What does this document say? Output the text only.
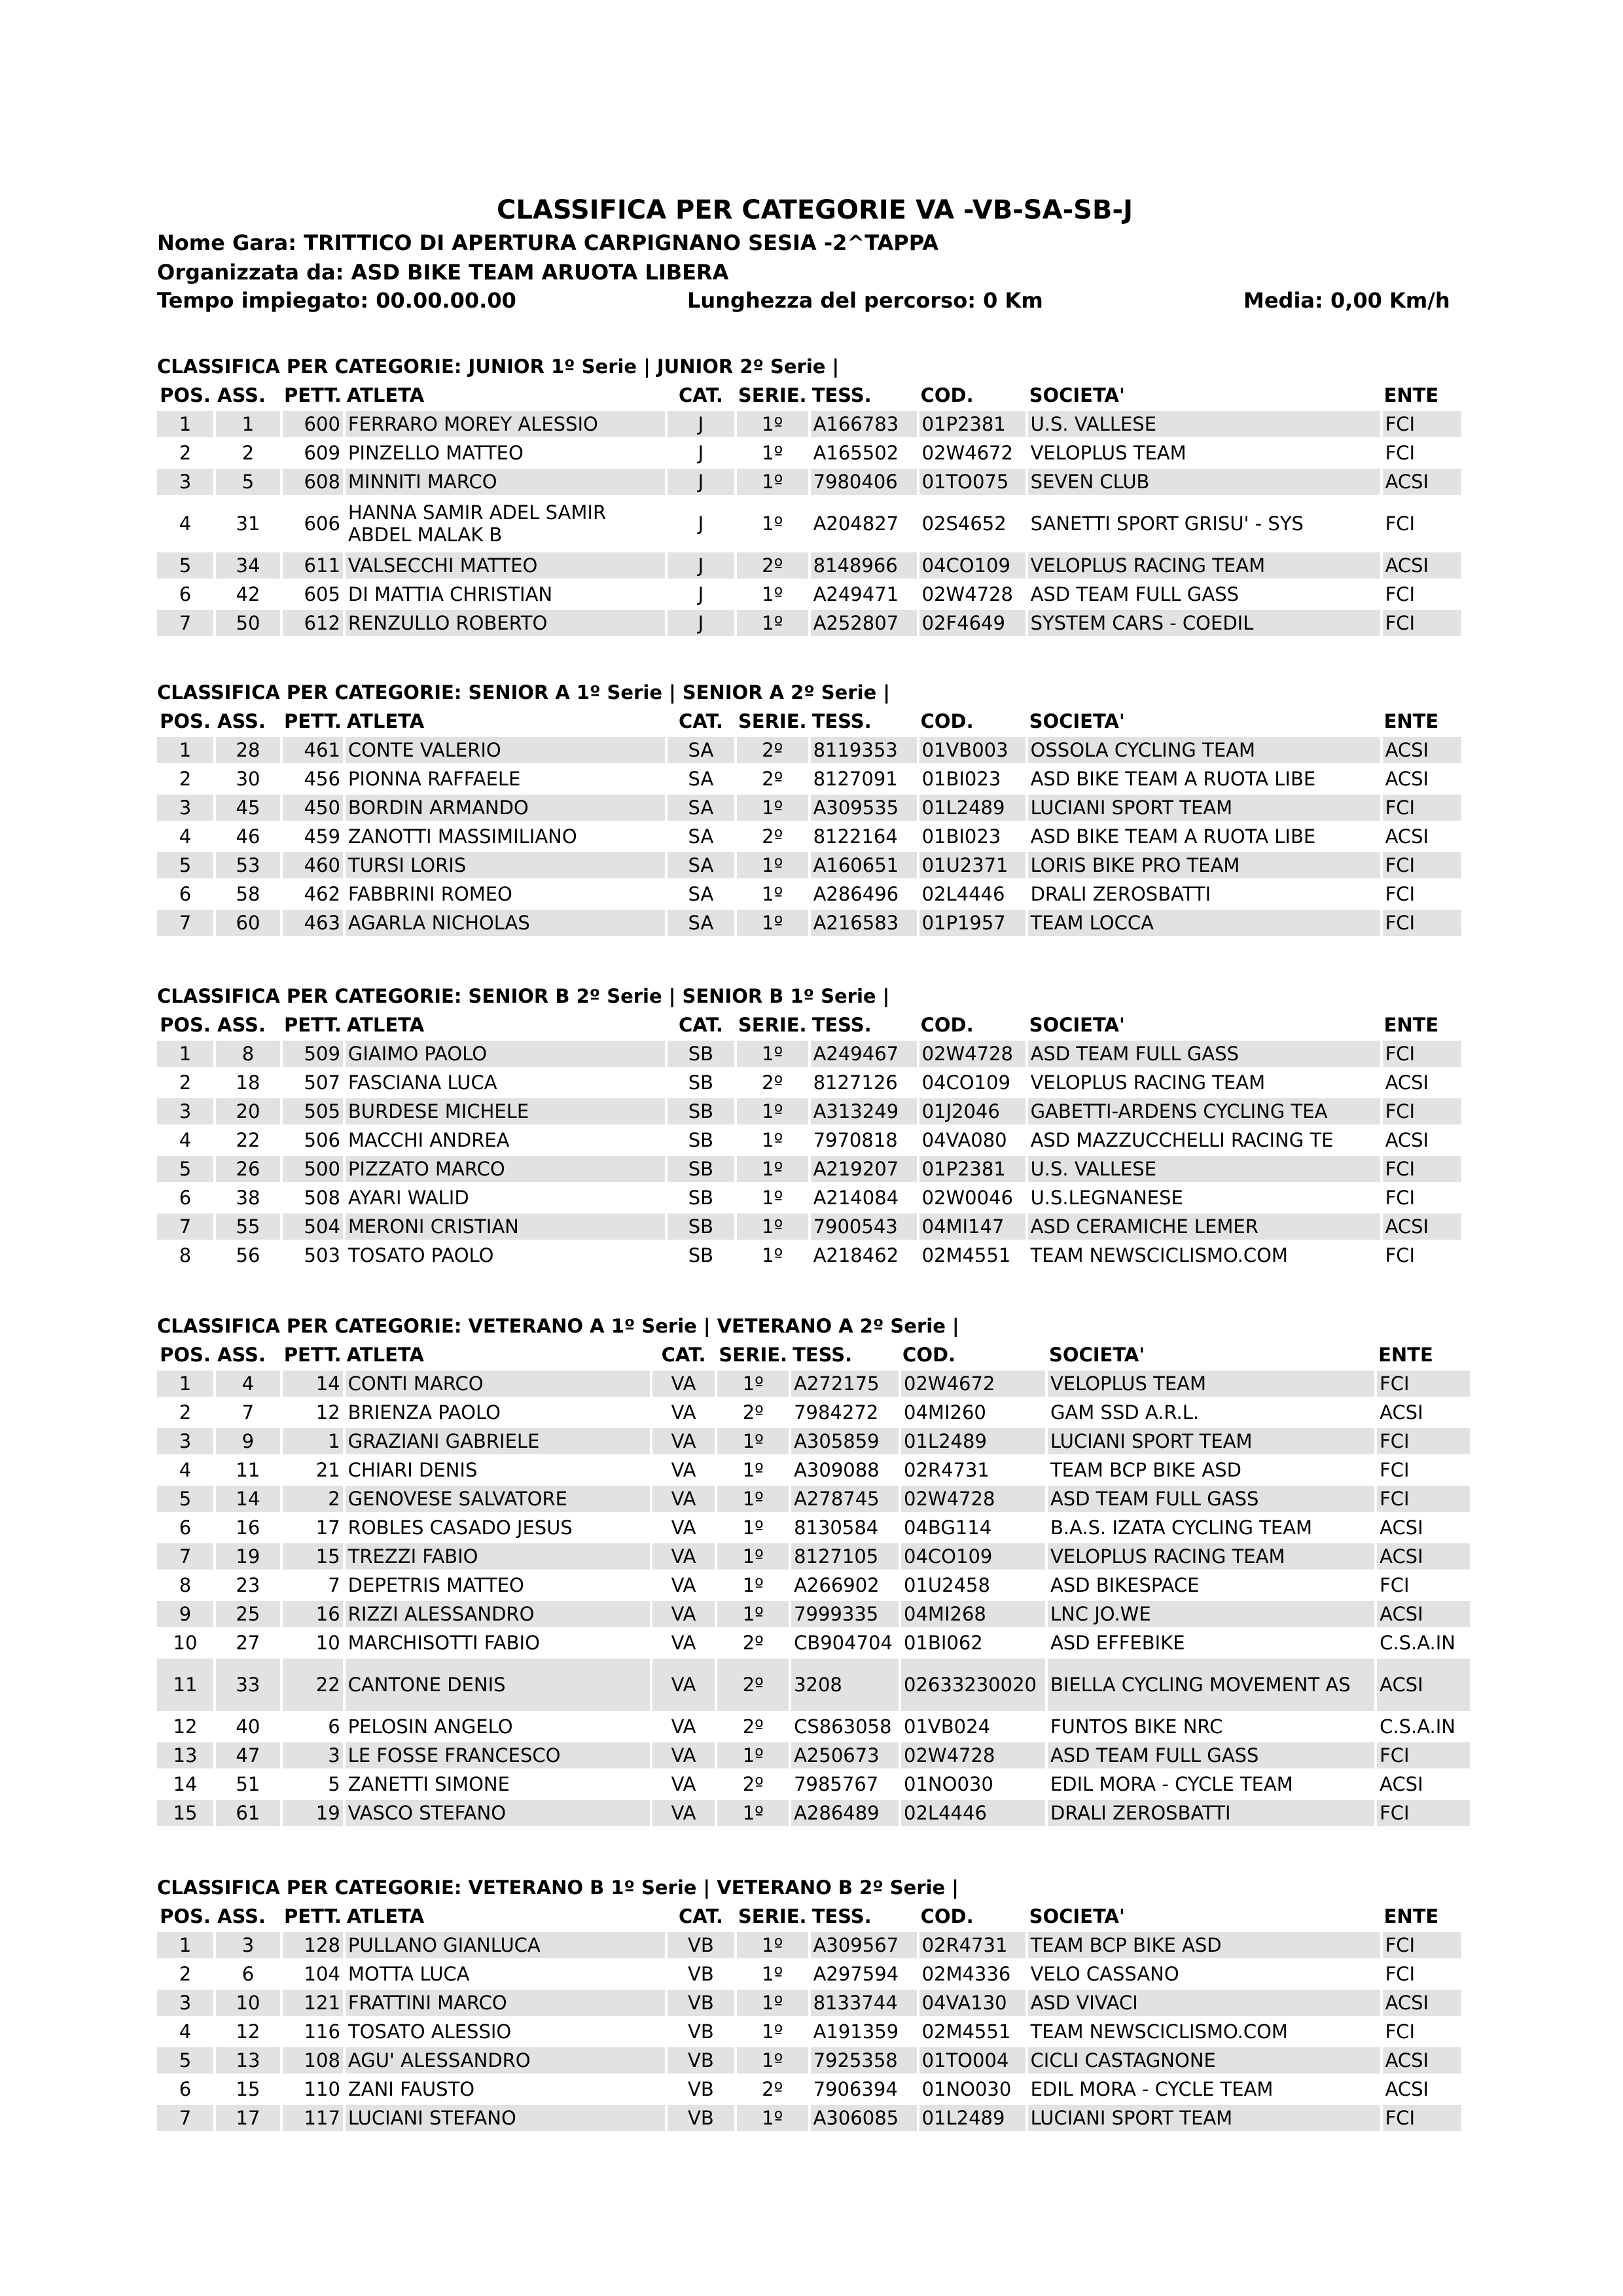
CLASSIFICA PER CATEGORIE VA -VB-SA-SB-J
Nome Gara: TRITTICO DI APERTURA CARPIGNANO SESIA -2^TAPPA
Organizzata da: ASD BIKE TEAM ARUOTA LIBERA
Tempo impiegato: 00.00.00.00	Lunghezza del percorso: 0 Km	Media: 0,00 Km/h
CLASSIFICA PER CATEGORIE: JUNIOR 1º Serie | JUNIOR 2º Serie |
POS.	ASS.	PETT.	ATLETA	CAT.	SERIE.	TESS.	COD.	SOCIETA'	ENTE
1	1	600	FERRARO MOREY ALESSIO	J	1º	A166783	01P2381	U.S. VALLESE	FCI
2	2	609	PINZELLO MATTEO	J	1º	A165502	02W4672	VELOPLUS TEAM	FCI
3	5	608	MINNITI MARCO	J	1º	7980406	01TO075	SEVEN CLUB	ACSI
4	31	606	HANNA SAMIR ADEL SAMIR ABDEL MALAK B	J	1º	A204827	02S4652	SANETTI SPORT GRISU' - SYS	FCI
5	34	611	VALSECCHI MATTEO	J	2º	8148966	04CO109	VELOPLUS RACING TEAM	ACSI
6	42	605	DI MATTIA CHRISTIAN	J	1º	A249471	02W4728	ASD TEAM FULL GASS	FCI
7	50	612	RENZULLO ROBERTO	J	1º	A252807	02F4649	SYSTEM CARS - COEDIL	FCI
CLASSIFICA PER CATEGORIE: SENIOR A 1º Serie | SENIOR A 2º Serie |
POS.	ASS.	PETT.	ATLETA	CAT.	SERIE.	TESS.	COD.	SOCIETA'	ENTE
1	28	461	CONTE VALERIO	SA	2º	8119353	01VB003	OSSOLA CYCLING TEAM	ACSI
2	30	456	PIONNA RAFFAELE	SA	2º	8127091	01BI023	ASD BIKE TEAM A RUOTA LIBE	ACSI
3	45	450	BORDIN ARMANDO	SA	1º	A309535	01L2489	LUCIANI SPORT TEAM	FCI
4	46	459	ZANOTTI MASSIMILIANO	SA	2º	8122164	01BI023	ASD BIKE TEAM A RUOTA LIBE	ACSI
5	53	460	TURSI LORIS	SA	1º	A160651	01U2371	LORIS BIKE PRO TEAM	FCI
6	58	462	FABBRINI ROMEO	SA	1º	A286496	02L4446	DRALI ZEROSBATTI	FCI
7	60	463	AGARLA NICHOLAS	SA	1º	A216583	01P1957	TEAM LOCCA	FCI
CLASSIFICA PER CATEGORIE: SENIOR B 2º Serie | SENIOR B 1º Serie |
POS.	ASS.	PETT.	ATLETA	CAT.	SERIE.	TESS.	COD.	SOCIETA'	ENTE
1	8	509	GIAIMO PAOLO	SB	1º	A249467	02W4728	ASD TEAM FULL GASS	FCI
2	18	507	FASCIANA LUCA	SB	2º	8127126	04CO109	VELOPLUS RACING TEAM	ACSI
3	20	505	BURDESE MICHELE	SB	1º	A313249	01J2046	GABETTI-ARDENS CYCLING TEA	FCI
4	22	506	MACCHI ANDREA	SB	1º	7970818	04VA080	ASD MAZZUCCHELLI RACING TE	ACSI
5	26	500	PIZZATO MARCO	SB	1º	A219207	01P2381	U.S. VALLESE	FCI
6	38	508	AYARI WALID	SB	1º	A214084	02W0046	U.S.LEGNANESE	FCI
7	55	504	MERONI CRISTIAN	SB	1º	7900543	04MI147	ASD CERAMICHE LEMER	ACSI
8	56	503	TOSATO PAOLO	SB	1º	A218462	02M4551	TEAM NEWSCICLISMO.COM	FCI
CLASSIFICA PER CATEGORIE: VETERANO A 1º Serie | VETERANO A 2º Serie |
POS.	ASS.	PETT.	ATLETA	CAT.	SERIE.	TESS.	COD.	SOCIETA'	ENTE
1	4	14	CONTI MARCO	VA	1º	A272175	02W4672	VELOPLUS TEAM	FCI
2	7	12	BRIENZA PAOLO	VA	2º	7984272	04MI260	GAM SSD A.R.L.	ACSI
3	9	1	GRAZIANI GABRIELE	VA	1º	A305859	01L2489	LUCIANI SPORT TEAM	FCI
4	11	21	CHIARI DENIS	VA	1º	A309088	02R4731	TEAM BCP BIKE ASD	FCI
5	14	2	GENOVESE SALVATORE	VA	1º	A278745	02W4728	ASD TEAM FULL GASS	FCI
6	16	17	ROBLES CASADO JESUS	VA	1º	8130584	04BG114	B.A.S. IZATA CYCLING TEAM	ACSI
7	19	15	TREZZI FABIO	VA	1º	8127105	04CO109	VELOPLUS RACING TEAM	ACSI
8	23	7	DEPETRIS MATTEO	VA	1º	A266902	01U2458	ASD BIKESPACE	FCI
9	25	16	RIZZI ALESSANDRO	VA	1º	7999335	04MI268	LNC JO.WE	ACSI
10	27	10	MARCHISOTTI FABIO	VA	2º	CB904704	01BI062	ASD EFFEBIKE	C.S.A.IN
11	33	22	CANTONE DENIS	VA	2º	3208	02633230020	BIELLA CYCLING MOVEMENT AS	ACSI
12	40	6	PELOSIN ANGELO	VA	2º	CS863058	01VB024	FUNTOS BIKE NRC	C.S.A.IN
13	47	3	LE FOSSE FRANCESCO	VA	1º	A250673	02W4728	ASD TEAM FULL GASS	FCI
14	51	5	ZANETTI SIMONE	VA	2º	7985767	01NO030	EDIL MORA - CYCLE TEAM	ACSI
15	61	19	VASCO STEFANO	VA	1º	A286489	02L4446	DRALI ZEROSBATTI	FCI
CLASSIFICA PER CATEGORIE: VETERANO B 1º Serie | VETERANO B 2º Serie |
POS.	ASS.	PETT.	ATLETA	CAT.	SERIE.	TESS.	COD.	SOCIETA'	ENTE
1	3	128	PULLANO GIANLUCA	VB	1º	A309567	02R4731	TEAM BCP BIKE ASD	FCI
2	6	104	MOTTA LUCA	VB	1º	A297594	02M4336	VELO CASSANO	FCI
3	10	121	FRATTINI MARCO	VB	1º	8133744	04VA130	ASD VIVACI	ACSI
4	12	116	TOSATO ALESSIO	VB	1º	A191359	02M4551	TEAM NEWSCICLISMO.COM	FCI
5	13	108	AGU' ALESSANDRO	VB	1º	7925358	01TO004	CICLI CASTAGNONE	ACSI
6	15	110	ZANI FAUSTO	VB	2º	7906394	01NO030	EDIL MORA - CYCLE TEAM	ACSI
7	17	117	LUCIANI STEFANO	VB	1º	A306085	01L2489	LUCIANI SPORT TEAM	FCI
